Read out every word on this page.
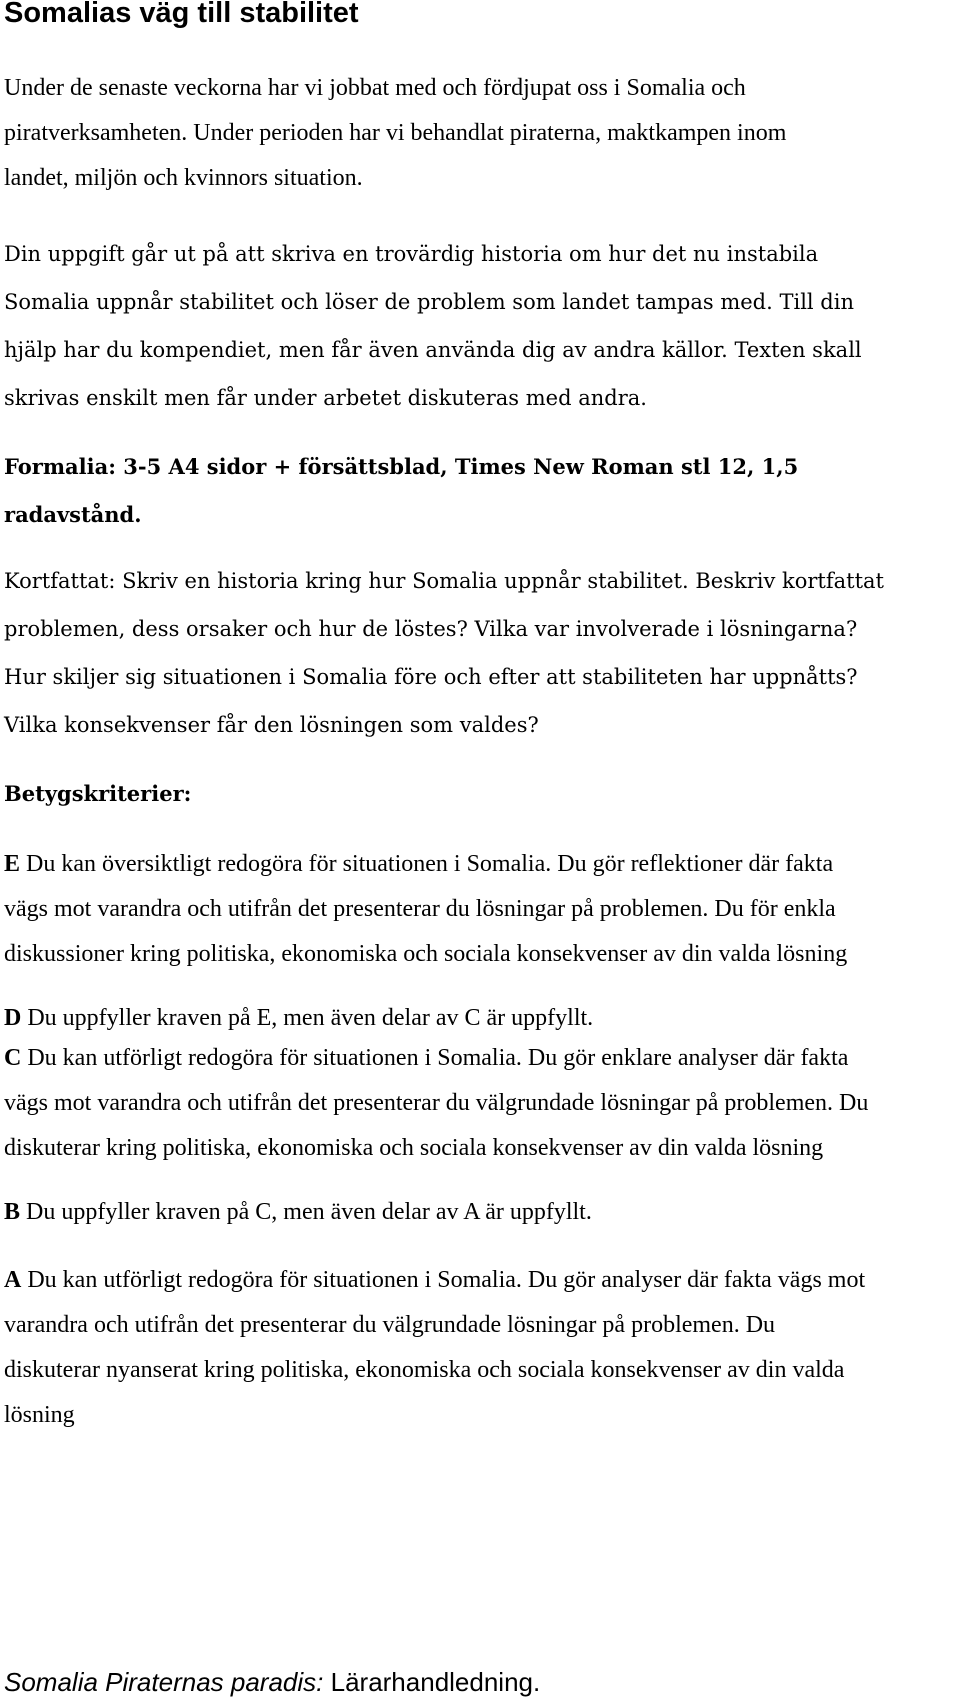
Somalias väg till stabilitet

Under de senaste veckorna har vi jobbat med och fördjupat oss i Somalia och
piratverksamheten. Under perioden har vi behandlat piraterna, maktkampen inom
landet, miljön och kvinnors situation.

Din uppgift går ut på att skriva en trovärdig historia om hur det nu instabila
Somalia uppnår stabilitet och löser de problem som landet tampas med. Till din
hjälp har du kompendiet, men får även använda dig av andra källor. Texten skall
skrivas enskilt men får under arbetet diskuteras med andra.

Formalia: 3-5 A4 sidor + försättsblad, Times New Roman stl 12, 1,5
radavstånd.

Kortfattat: Skriv en historia kring hur Somalia uppnår stabilitet. Beskriv kortfattat
problemen, dess orsaker och hur de löstes? Vilka var involverade i lösningarna?
Hur skiljer sig situationen i Somalia före och efter att stabiliteten har uppnåtts?
Vilka konsekvenser får den lösningen som valdes?

Betygskriterier:

E Du kan översiktligt redogöra för situationen i Somalia. Du gör reflektioner där fakta
vägs mot varandra och utifrån det presenterar du lösningar på problemen. Du för enkla
diskussioner kring politiska, ekonomiska och sociala konsekvenser av din valda lösning

D Du uppfyller kraven på E, men även delar av C är uppfyllt.

C Du kan utförligt redogöra för situationen i Somalia. Du gör enklare analyser där fakta
vägs mot varandra och utifrån det presenterar du välgrundade lösningar på problemen. Du
diskuterar kring politiska, ekonomiska och sociala konsekvenser av din valda lösning

B Du uppfyller kraven på C, men även delar av A är uppfyllt.

A Du kan utförligt redogöra för situationen i Somalia. Du gör analyser där fakta vägs mot
varandra och utifrån det presenterar du välgrundade lösningar på problemen. Du
diskuterar nyanserat kring politiska, ekonomiska och sociala konsekvenser av din valda
lösning

Somalia Piraternas paradis: Lärarhandledning.
